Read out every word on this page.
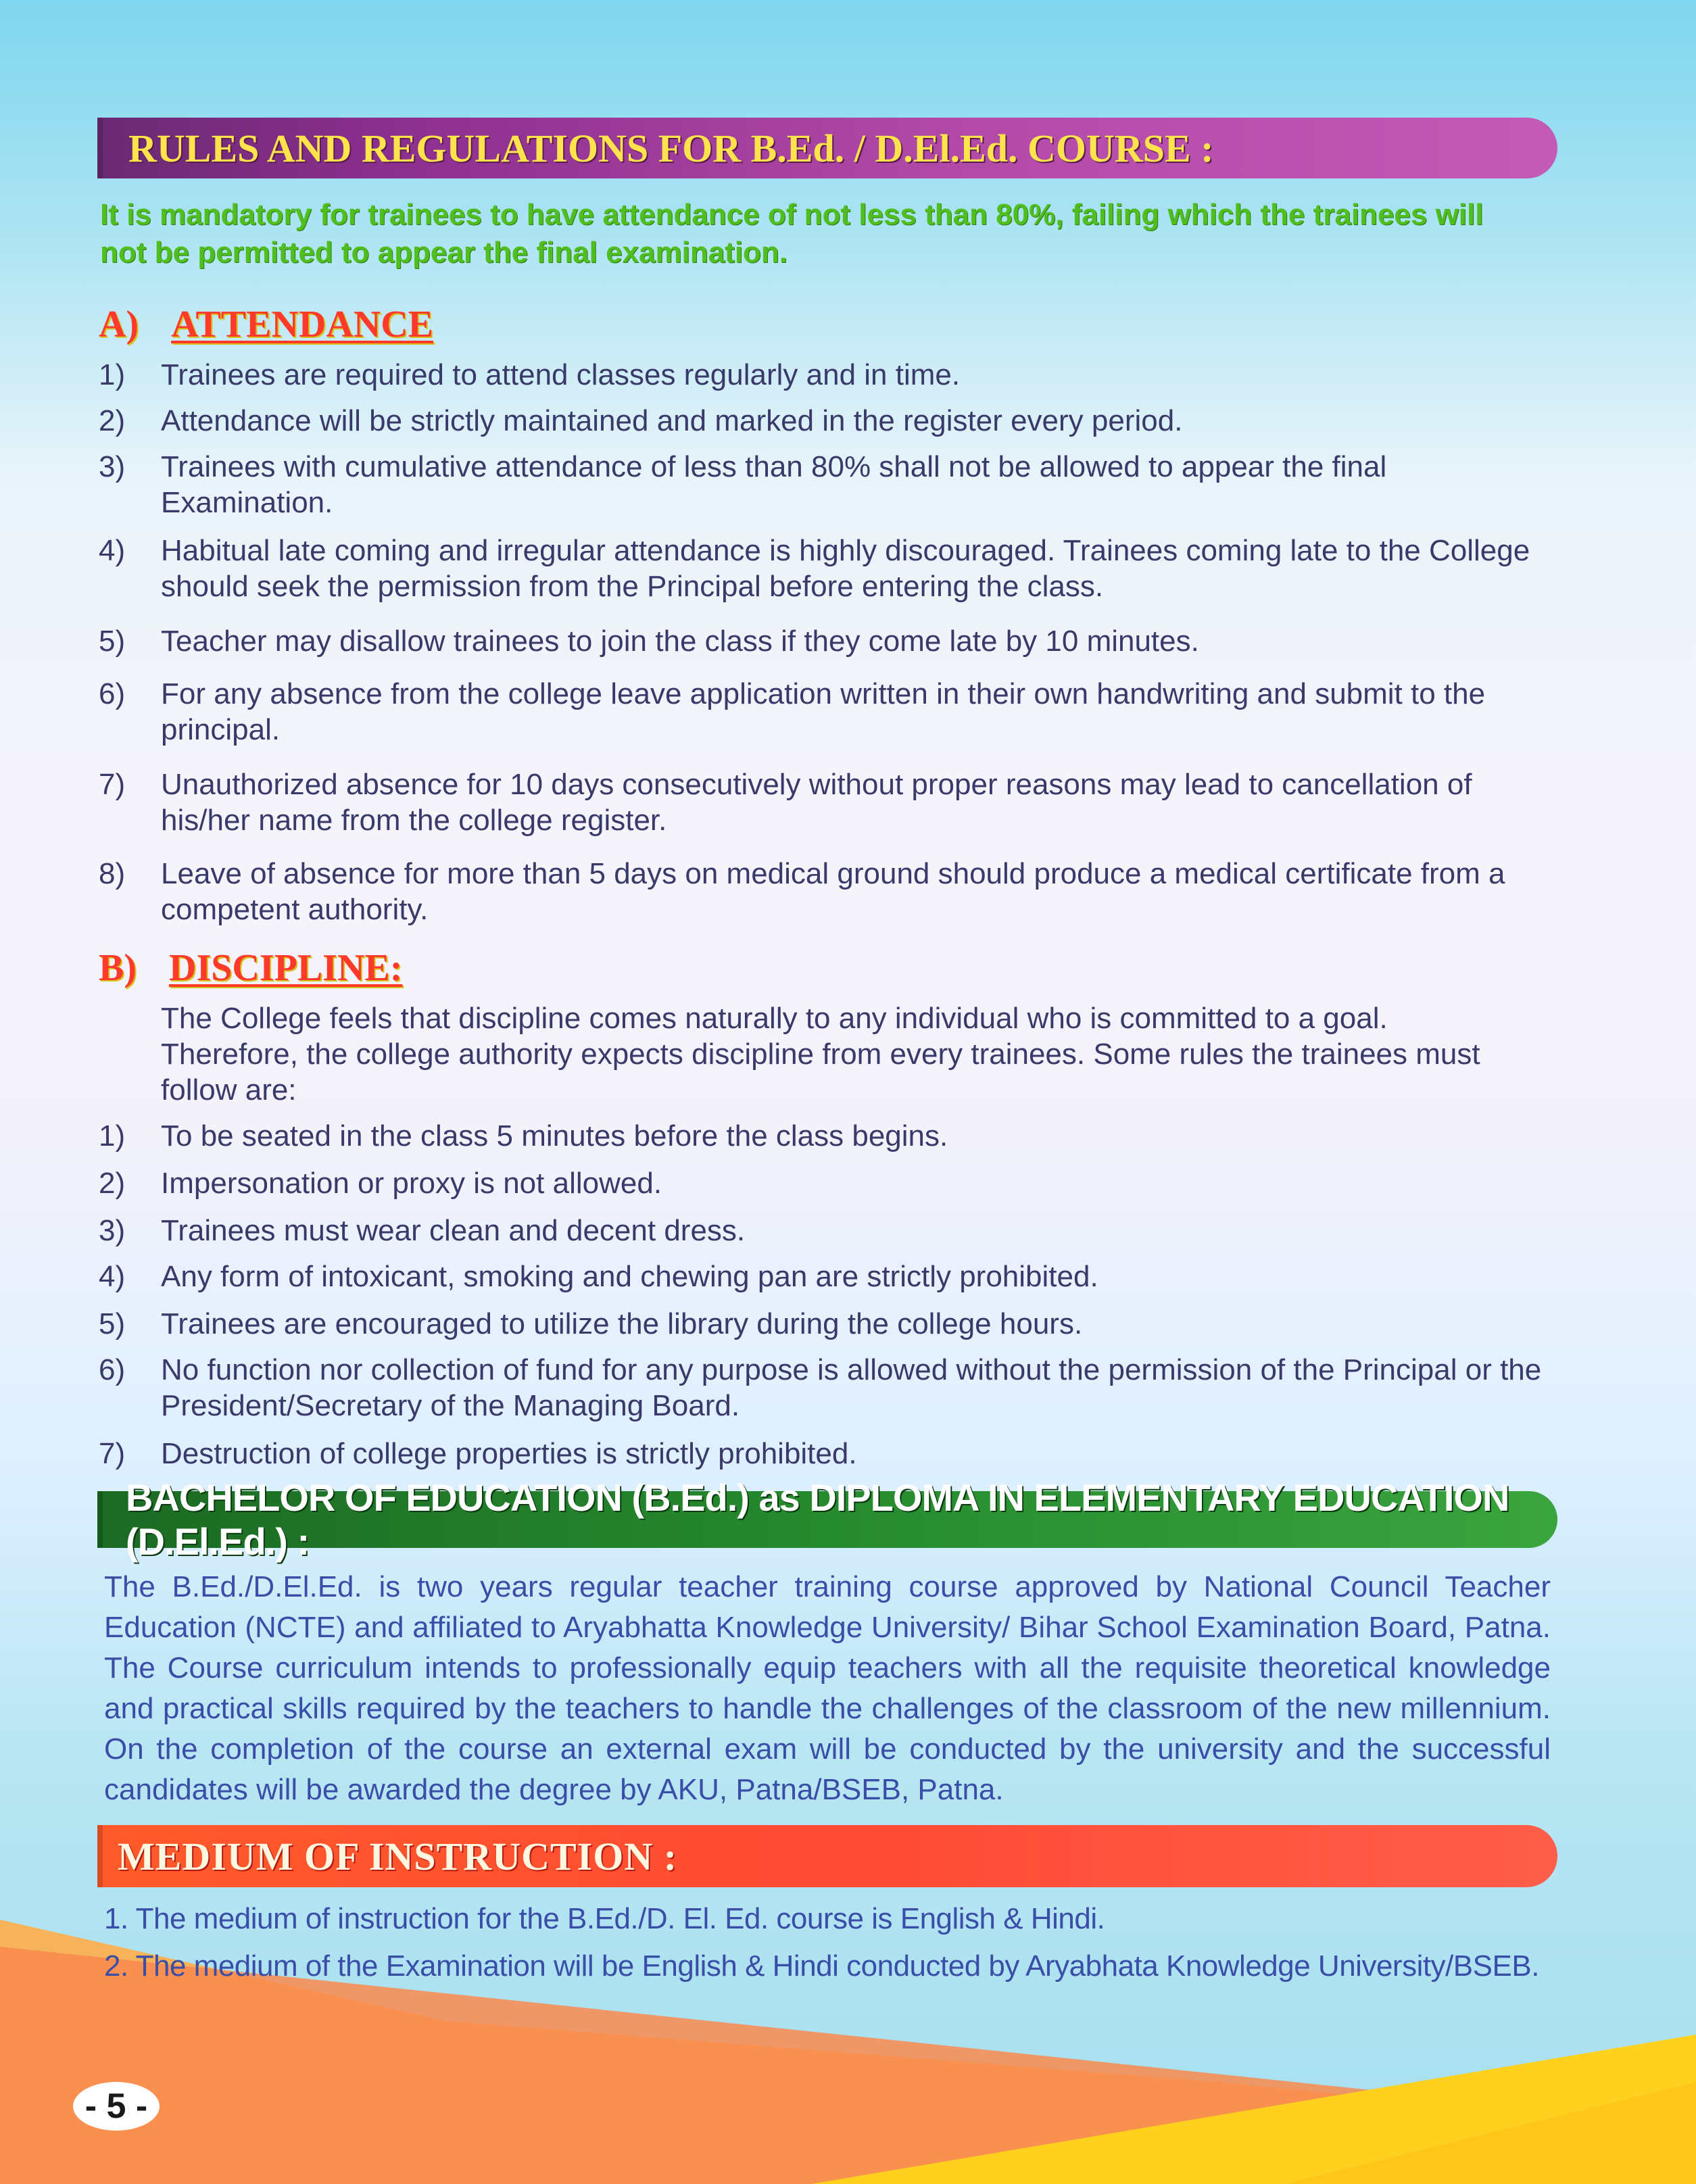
RULES AND REGULATIONS FOR B.Ed. / D.El.Ed. COURSE :

It is mandatory for trainees to have attendance of not less than 80%, failing which the trainees will not be permitted to appear the final examination.

A) ATTENDANCE
1)	Trainees are required to attend classes regularly and in time.
2)	Attendance will be strictly maintained and marked in the register every period.
3)	Trainees with cumulative attendance of less than 80% shall not be allowed to appear the final Examination.
4)	Habitual late coming and irregular attendance is highly discouraged. Trainees coming late to the College should seek the permission from the Principal before entering the class.
5)	Teacher may disallow trainees to join the class if they come late by 10 minutes.
6)	For any absence from the college leave application written in their own handwriting and submit to the principal.
7)	Unauthorized absence for 10 days consecutively without proper reasons may lead to cancellation of his/her name from the college register.
8)	Leave of absence for more than 5 days on medical ground should produce a medical certificate from a competent authority.
B) DISCIPLINE:

The College feels that discipline comes naturally to any individual who is committed to a goal. Therefore, the college authority expects discipline from every trainees. Some rules the trainees must follow are:

1)	To be seated in the class 5 minutes before the class begins.
2)	Impersonation or proxy is not allowed.
3)	Trainees must wear clean and decent dress.
4)	Any form of intoxicant, smoking and chewing pan are strictly prohibited.
5)	Trainees are encouraged to utilize the library during the college hours.
6)	No function nor collection of fund for any purpose is allowed without the permission of the Principal or the President/Secretary of the Managing Board.
7)	Destruction of college properties is strictly prohibited.
BACHELOR OF EDUCATION (B.Ed.) as DIPLOMA IN ELEMENTARY EDUCATION (D.El.Ed.) :

The B.Ed./D.El.Ed. is two years regular teacher training course approved by National Council Teacher Education (NCTE) and affiliated to Aryabhatta Knowledge University/ Bihar School Examination Board, Patna. The Course curriculum intends to professionally equip teachers with all the requisite theoretical knowledge and practical skills required by the teachers to handle the challenges of the classroom of the new millennium. On the completion of the course an external exam will be conducted by the university and the successful candidates will be awarded the degree by AKU, Patna/BSEB, Patna.

MEDIUM OF INSTRUCTION :

1. The medium of instruction for the B.Ed./D. El. Ed. course is English & Hindi.

2. The medium of the Examination will be English & Hindi conducted by Aryabhata Knowledge University/BSEB.

- 5 -
